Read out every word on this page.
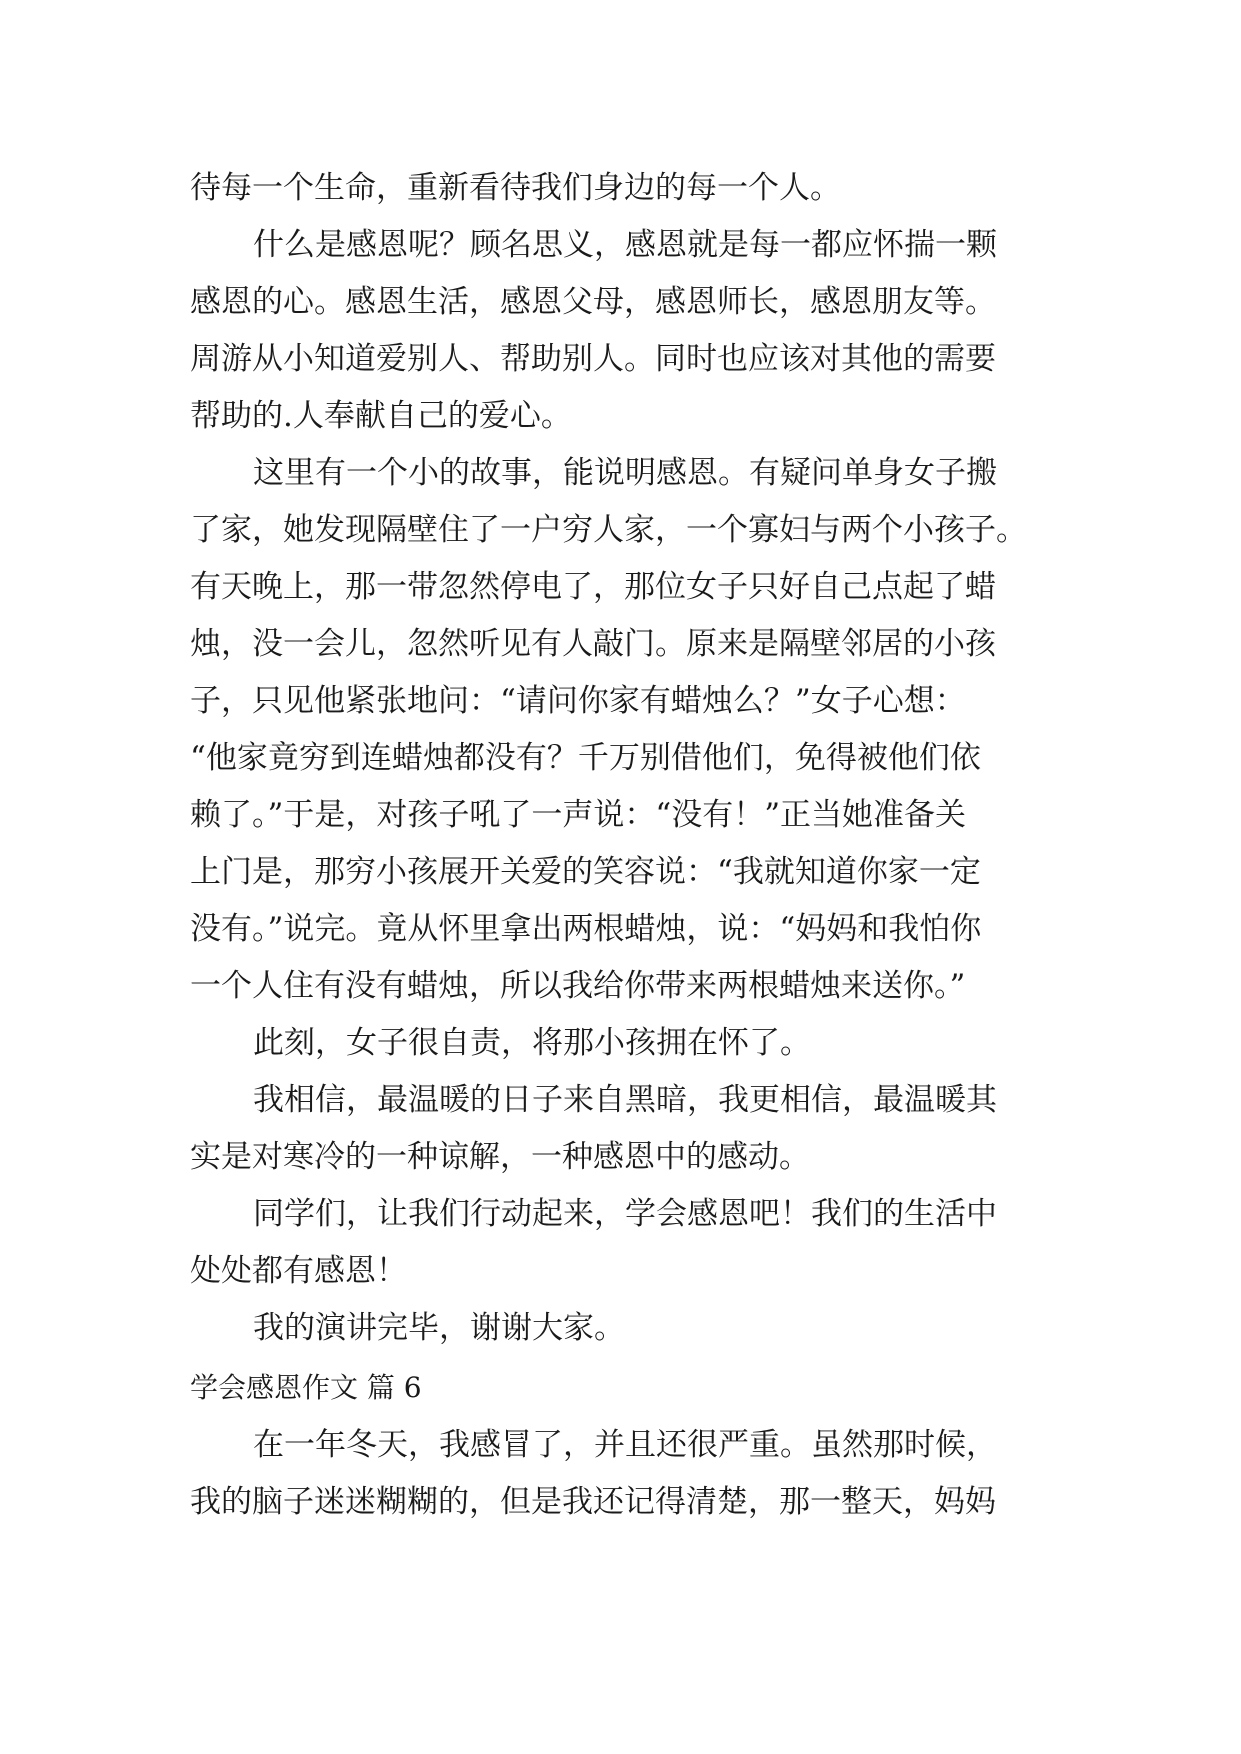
待每一个生命，重新看待我们身边的每一个人。
什么是感恩呢？顾名思义，感恩就是每一都应怀揣一颗
感恩的心。感恩生活，感恩父母，感恩师长，感恩朋友等。
周游从小知道爱别人、帮助别人。同时也应该对其他的需要
帮助的.人奉献自己的爱心。
这里有一个小的故事，能说明感恩。有疑问单身女子搬
了家，她发现隔壁住了一户穷人家，一个寡妇与两个小孩子。
有天晚上，那一带忽然停电了，那位女子只好自己点起了蜡
烛，没一会儿，忽然听见有人敲门。原来是隔壁邻居的小孩
子，只见他紧张地问：“请问你家有蜡烛么？”女子心想：
“他家竟穷到连蜡烛都没有？千万别借他们，免得被他们依
赖了。”于是，对孩子吼了一声说：“没有！”正当她准备关
上门是，那穷小孩展开关爱的笑容说：“我就知道你家一定
没有。”说完。竟从怀里拿出两根蜡烛，说：“妈妈和我怕你
一个人住有没有蜡烛，所以我给你带来两根蜡烛来送你。”
此刻，女子很自责，将那小孩拥在怀了。
我相信，最温暖的日子来自黑暗，我更相信，最温暖其
实是对寒冷的一种谅解，一种感恩中的感动。
同学们，让我们行动起来，学会感恩吧！我们的生活中
处处都有感恩！
我的演讲完毕，谢谢大家。
学会感恩作文 篇 6
在一年冬天，我感冒了，并且还很严重。虽然那时候，
我的脑子迷迷糊糊的，但是我还记得清楚，那一整天，妈妈
